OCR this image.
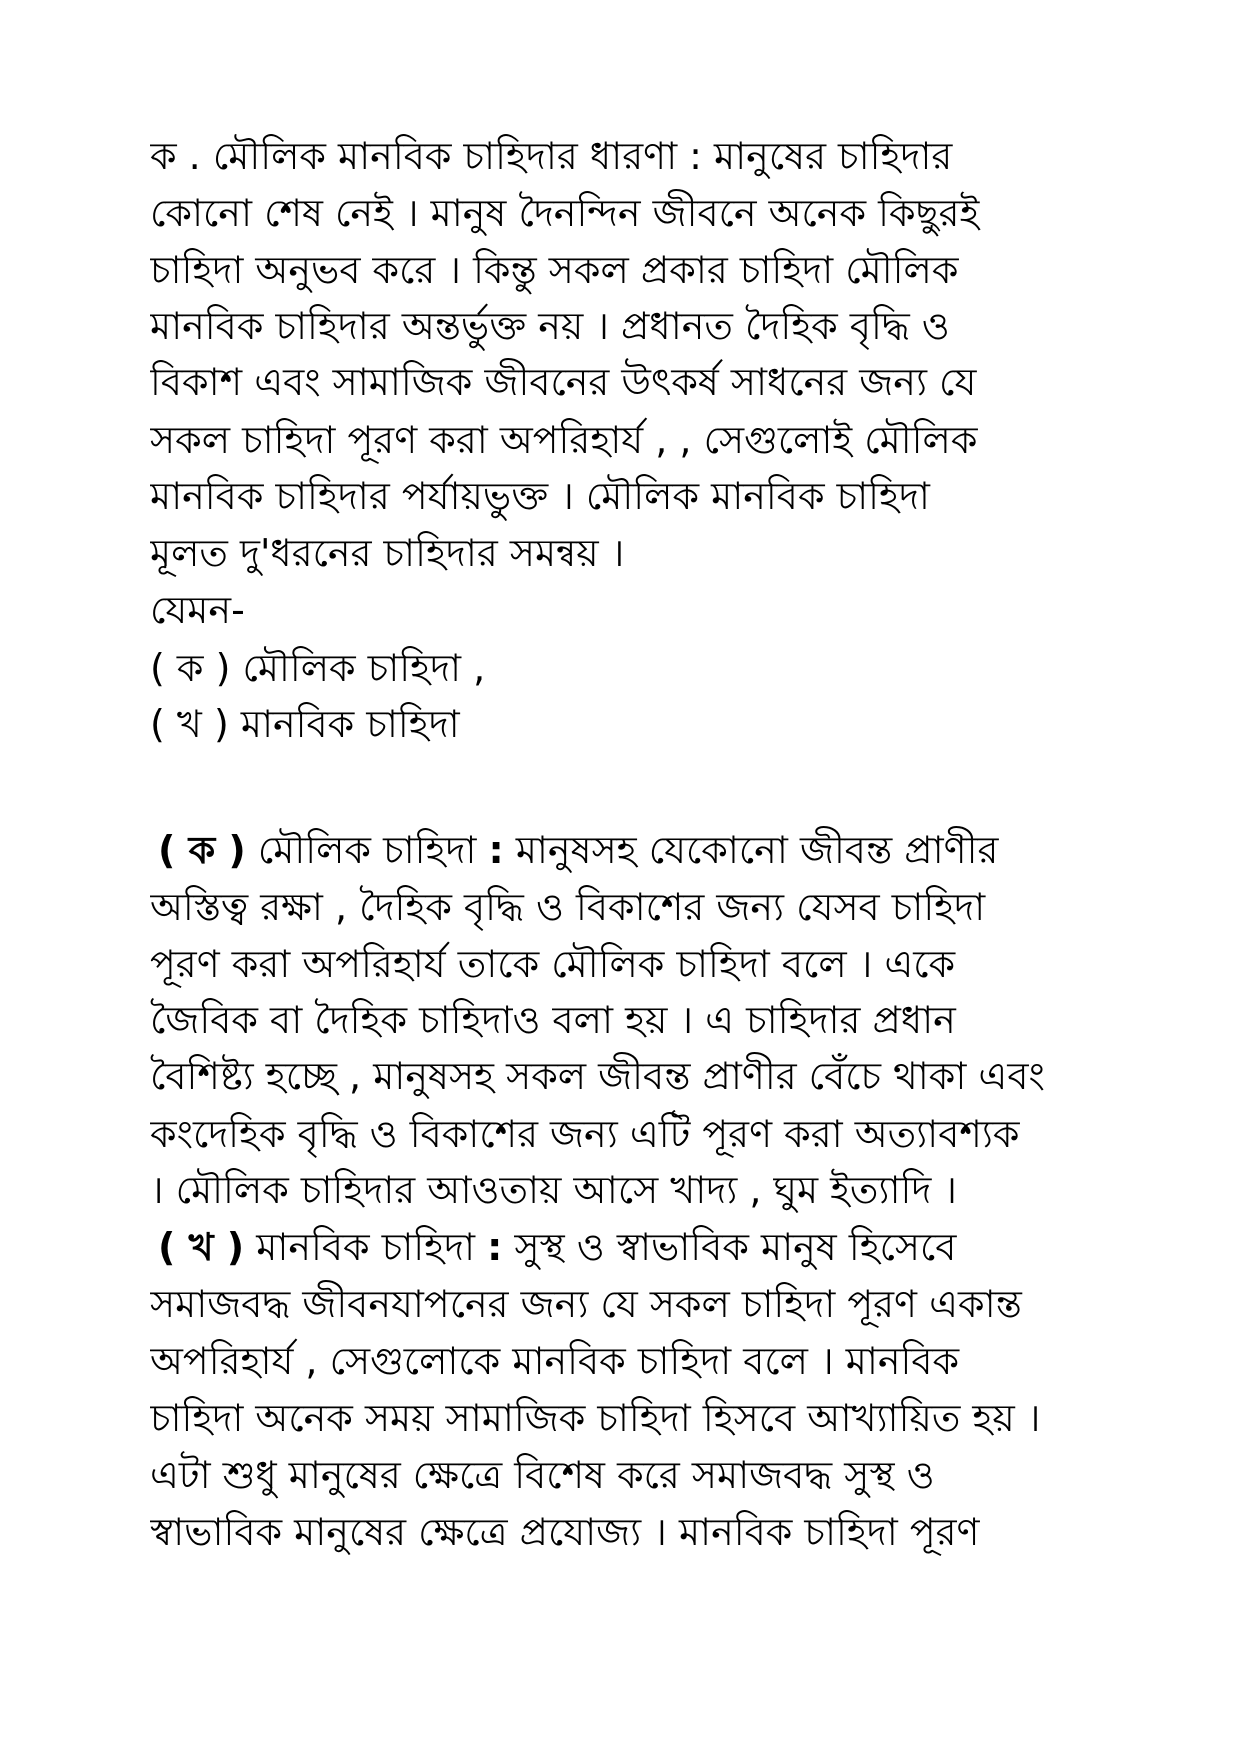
ক . মৌলিক মানবিক চাহিদার ধারণা : মানুষের চাহিদার
কোনো শেষ নেই । মানুষ দৈনন্দিন জীবনে অনেক কিছুরই
চাহিদা অনুভব করে । কিন্তু সকল প্রকার চাহিদা মৌলিক
মানবিক চাহিদার অন্তর্ভুক্ত নয় । প্রধানত দৈহিক বৃদ্ধি ও
বিকাশ এবং সামাজিক জীবনের উৎকর্ষ সাধনের জন্য যে
সকল চাহিদা পূরণ করা অপরিহার্য , , সেগুলোই মৌলিক
মানবিক চাহিদার পর্যায়ভুক্ত । মৌলিক মানবিক চাহিদা
মূলত দু'ধরনের চাহিদার সমন্বয় ।
যেমন-
( ক ) মৌলিক চাহিদা ,
( খ ) মানবিক চাহিদা
( ক ) মৌলিক চাহিদা : মানুষসহ যেকোনো জীবন্ত প্রাণীর
অস্তিত্ব রক্ষা , দৈহিক বৃদ্ধি ও বিকাশের জন্য যেসব চাহিদা
পূরণ করা অপরিহার্য তাকে মৌলিক চাহিদা বলে । একে
জৈবিক বা দৈহিক চাহিদাও বলা হয় । এ চাহিদার প্রধান
বৈশিষ্ট্য হচ্ছে , মানুষসহ সকল জীবন্ত প্রাণীর বেঁচে থাকা এবং
কংদেহিক বৃদ্ধি ও বিকাশের জন্য এটি পূরণ করা অত্যাবশ্যক
। মৌলিক চাহিদার আওতায় আসে খাদ্য , ঘুম ইত্যাদি ।
( খ ) মানবিক চাহিদা : সুস্থ ও স্বাভাবিক মানুষ হিসেবে
সমাজবদ্ধ জীবনযাপনের জন্য যে সকল চাহিদা পূরণ একান্ত
অপরিহার্য , সেগুলোকে মানবিক চাহিদা বলে । মানবিক
চাহিদা অনেক সময় সামাজিক চাহিদা হিসবে আখ্যায়িত হয় ।
এটা শুধু মানুষের ক্ষেত্রে বিশেষ করে সমাজবদ্ধ সুস্থ ও
স্বাভাবিক মানুষের ক্ষেত্রে প্রযোজ্য । মানবিক চাহিদা পূরণ
